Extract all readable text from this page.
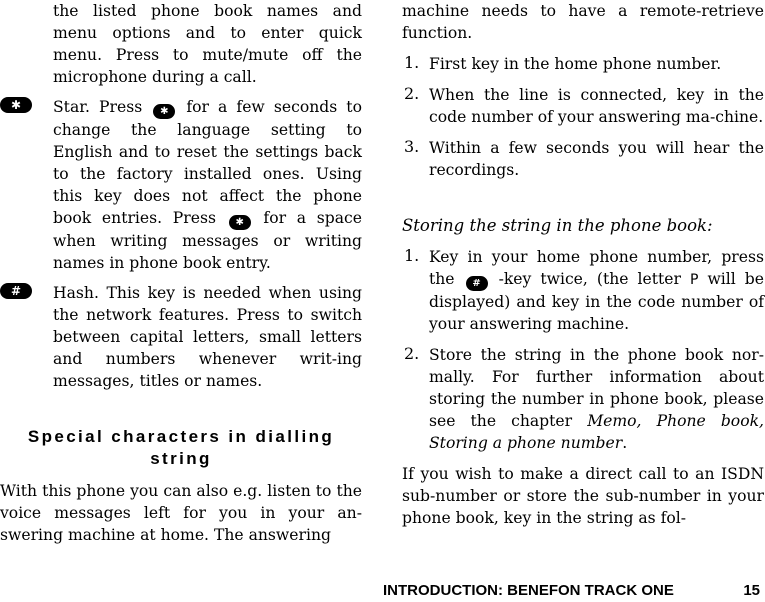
the listed phone book names and menu options and to enter quick menu. Press to mute/mute off the microphone during a call.

✱	Star. Press ✱ for a few seconds to change the language setting to English and to reset the settings back to the factory installed ones. Using this key does not affect the phone book entries. Press ✱ for a space when writing messages or writing names in phone book entry.

#	Hash. This key is needed when using the network features. Press to switch between capital letters, small letters and numbers whenever writ-ing messages, titles or names.

Special characters in dialling string

With this phone you can also e.g. listen to the voice messages left for you in your an-swering machine at home. The answering

machine needs to have a remote-retrieve function.

1. First key in the home phone number.

2. When the line is connected, key in the code number of your answering ma-chine.

3. Within a few seconds you will hear the recordings.

Storing the string in the phone book:
1. Key in your home phone number, press the # -key twice, (the letter P will be displayed) and key in the code number of your answering machine.

2. Store the string in the phone book nor-mally. For further information about storing the number in phone book, please see the chapter Memo, Phone book, Storing a phone number.

If you wish to make a direct call to an ISDN sub-number or store the sub-number in your phone book, key in the string as fol-

INTRODUCTION: BENEFON TRACK ONE	15
